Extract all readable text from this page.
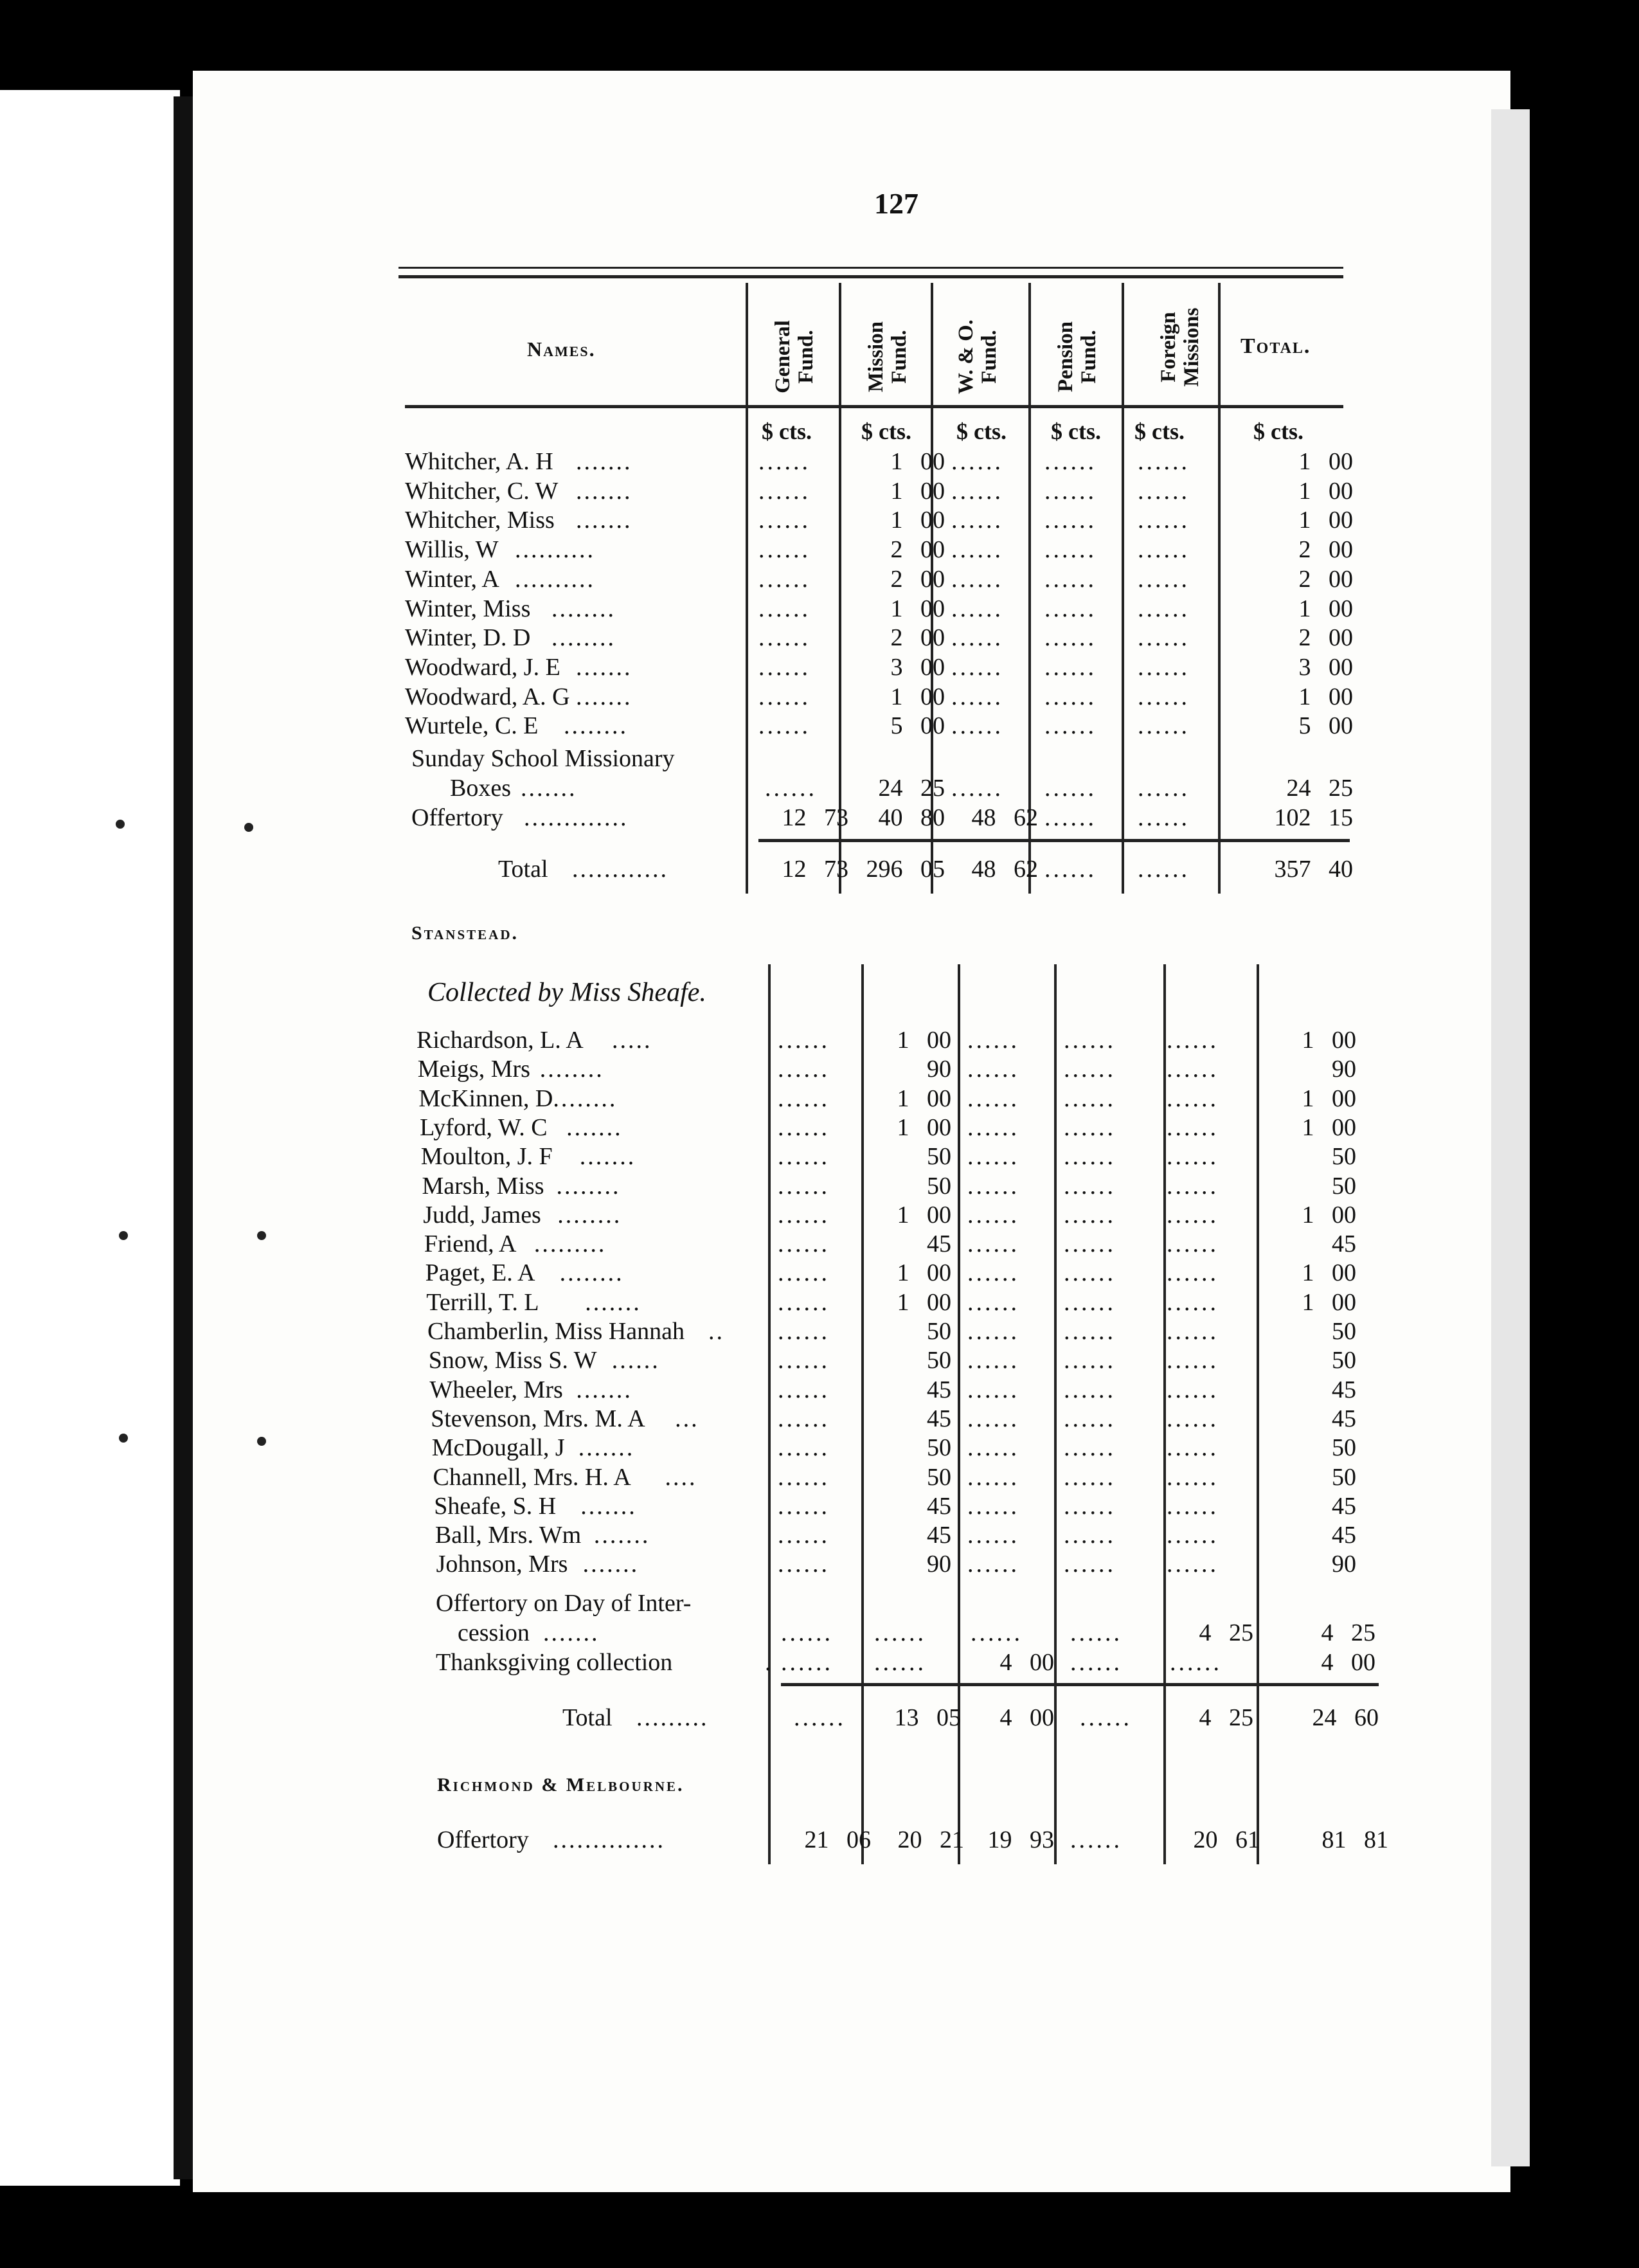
127
Names.	Total.
General Fund. Mission Fund. W. & O. Fund.	Pension Fund.	Foreign Missions
$ cts. $ cts. $ cts. $ cts. $ cts.	$ cts.
Whitcher, A. H .......	......	1 00 ...... ...... ......	1 00
Whitcher, C. W .......	......	1 00 ...... ...... ......	1 00
Whitcher, Miss .......	......	1 00 ...... ...... ......	1 00
Willis, W ..........	......	2 00 ...... ...... ......	2 00
Winter, A ..........	......	2 00 ...... ...... ......	2 00
Winter, Miss ........	......	1 00 ...... ...... ......	1 00
Winter, D. D ........	......	2 00 ...... ...... ......	2 00
Woodward, J. E .......	......	3 00 ...... ...... ......	3 00
Woodward, A. G .......	......	1 00 ...... ...... ......	1 00
Wurtele, C. E ........	......	5 00 ...... ...... ......	5 00
Sunday School Missionary
Boxes .......	......	24 25 ...... ...... ......	24 25
Offertory .............	12 73	40 80	48 62 ...... ......	102 15
Total ............	12 73 296 05	48 62 ...... ......	357 40
Stanstead.
Collected by Miss Sheafe.
Richardson, L. A .....	......	1 00 ...... ...... ......	1 00
Meigs, Mrs ........	......	90 ...... ...... ......	90
McKinnen, D ........	......	1 00 ...... ...... ......	1 00
Lyford, W. C .......	......	1 00 ...... ...... ......	1 00
Moulton, J. F .......	......	50 ...... ...... ......	50
Marsh, Miss ........	......	50 ...... ...... ......	50
Judd, James ........	......	1 00 ...... ...... ......	1 00
Friend, A .........	......	45 ...... ...... ......	45
Paget, E. A ........	......	1 00 ...... ...... ......	1 00
Terrill, T. L .......	......	1 00 ...... ...... ......	1 00
Chamberlin, Miss Hannah .. ......	50 ...... ...... ......	50
Snow, Miss S. W ......	......	50 ...... ...... ......	50
Wheeler, Mrs .......	......	45 ...... ...... ......	45
Stevenson, Mrs. M. A ...	......	45 ...... ...... ......	45
McDougall, J .......	......	50 ...... ...... ......	50
Channell, Mrs. H. A ....	......	50 ...... ...... ......	50
Sheafe, S. H .......	......	45 ...... ...... ......	45
Ball, Mrs. Wm .......	......	45 ...... ...... ......	45
Johnson, Mrs .......	......	90 ...... ...... ......	90
Offertory on Day of Inter-
cession .......	...... ...... ...... ......	4 25	4 25
Thanksgiving collection	. ...... ......	4 00 ...... ......	4 00
Total .........	......	13 05	4 00 ......	4 25	24 60
Richmond & Melbourne.
Offertory ..............	21 06	20 21 19 93 ......	20 61	81 81
